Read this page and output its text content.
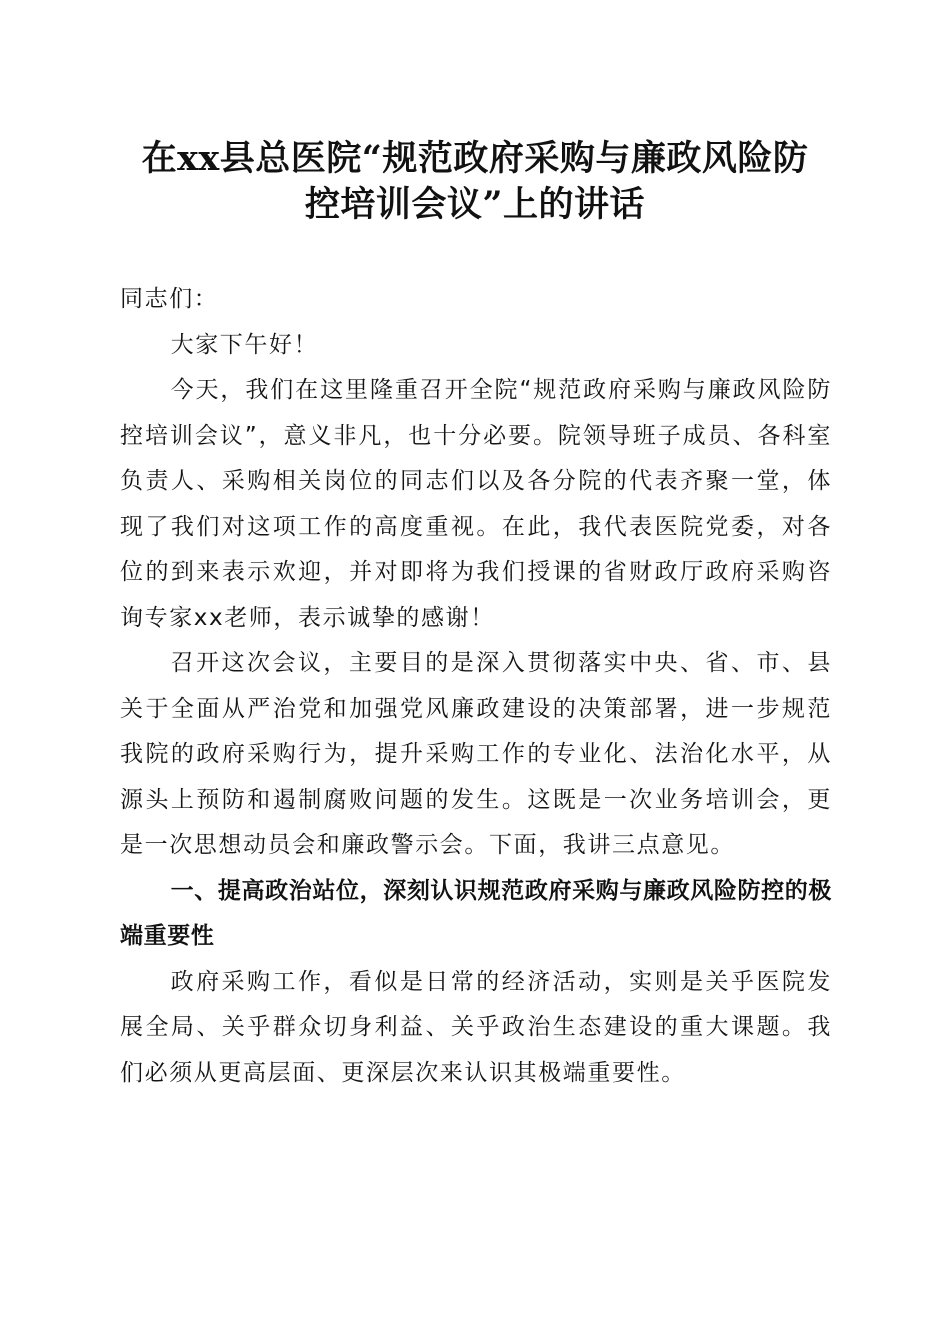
在xx县总医院“规范政府采购与廉政风险防
控培训会议”上的讲话

同志们：

大家下午好！

今天，我们在这里隆重召开全院“规范政府采购与廉政风险防控培训会议”，意义非凡，也十分必要。院领导班子成员、各科室负责人、采购相关岗位的同志们以及各分院的代表齐聚一堂，体现了我们对这项工作的高度重视。在此，我代表医院党委，对各位的到来表示欢迎，并对即将为我们授课的省财政厅政府采购咨询专家xx老师，表示诚挚的感谢！

召开这次会议，主要目的是深入贯彻落实中央、省、市、县关于全面从严治党和加强党风廉政建设的决策部署，进一步规范我院的政府采购行为，提升采购工作的专业化、法治化水平，从源头上预防和遏制腐败问题的发生。这既是一次业务培训会，更是一次思想动员会和廉政警示会。下面，我讲三点意见。

一、提高政治站位，深刻认识规范政府采购与廉政风险防控的极端重要性

政府采购工作，看似是日常的经济活动，实则是关乎医院发展全局、关乎群众切身利益、关乎政治生态建设的重大课题。我们必须从更高层面、更深层次来认识其极端重要性。
